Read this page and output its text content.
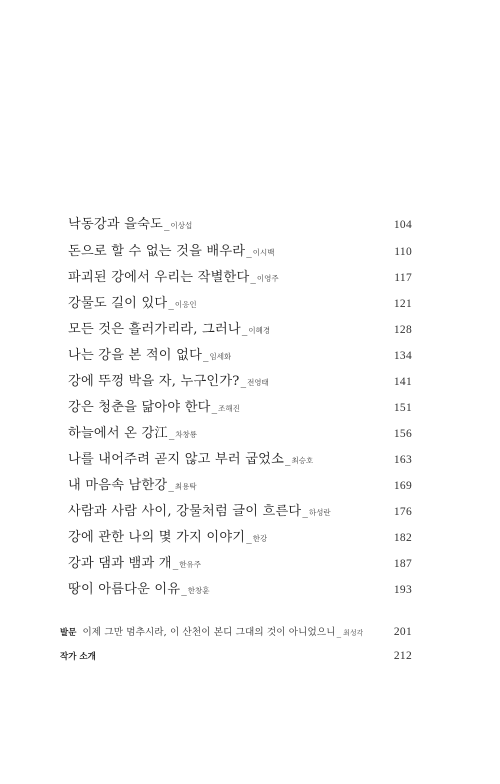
낙동강과 을숙도 _ 이상섭	104
돈으로 할 수 없는 것을 배우라 _ 이시백	110
파괴된 강에서 우리는 작별한다 _ 이영주	117
강물도 길이 있다 _ 이응인	121
모든 것은 흘러가리라, 그러나 _ 이혜경	128
나는 강을 본 적이 없다 _ 임세화	134
강에 뚜껑 박을 자, 누구인가? _ 전영태	141
강은 청춘을 닮아야 한다 _ 조해진	151
하늘에서 온 강江 _ 차창룡	156
나를 내어주려 곧지 않고 부러 굽었소 _ 최승호	163
내 마음속 남한강 _ 최용탁	169
사람과 사람 사이, 강물처럼 글이 흐른다 _ 하성란	176
강에 관한 나의 몇 가지 이야기 _ 한강	182
강과 댐과 뱀과 개 _ 한유주	187
땅이 아름다운 이유 _ 한창훈	193
발문 이제 그만 멈추시라, 이 산천이 본디 그대의 것이 아니었으니 _ 최성각	201
작가 소개	212
